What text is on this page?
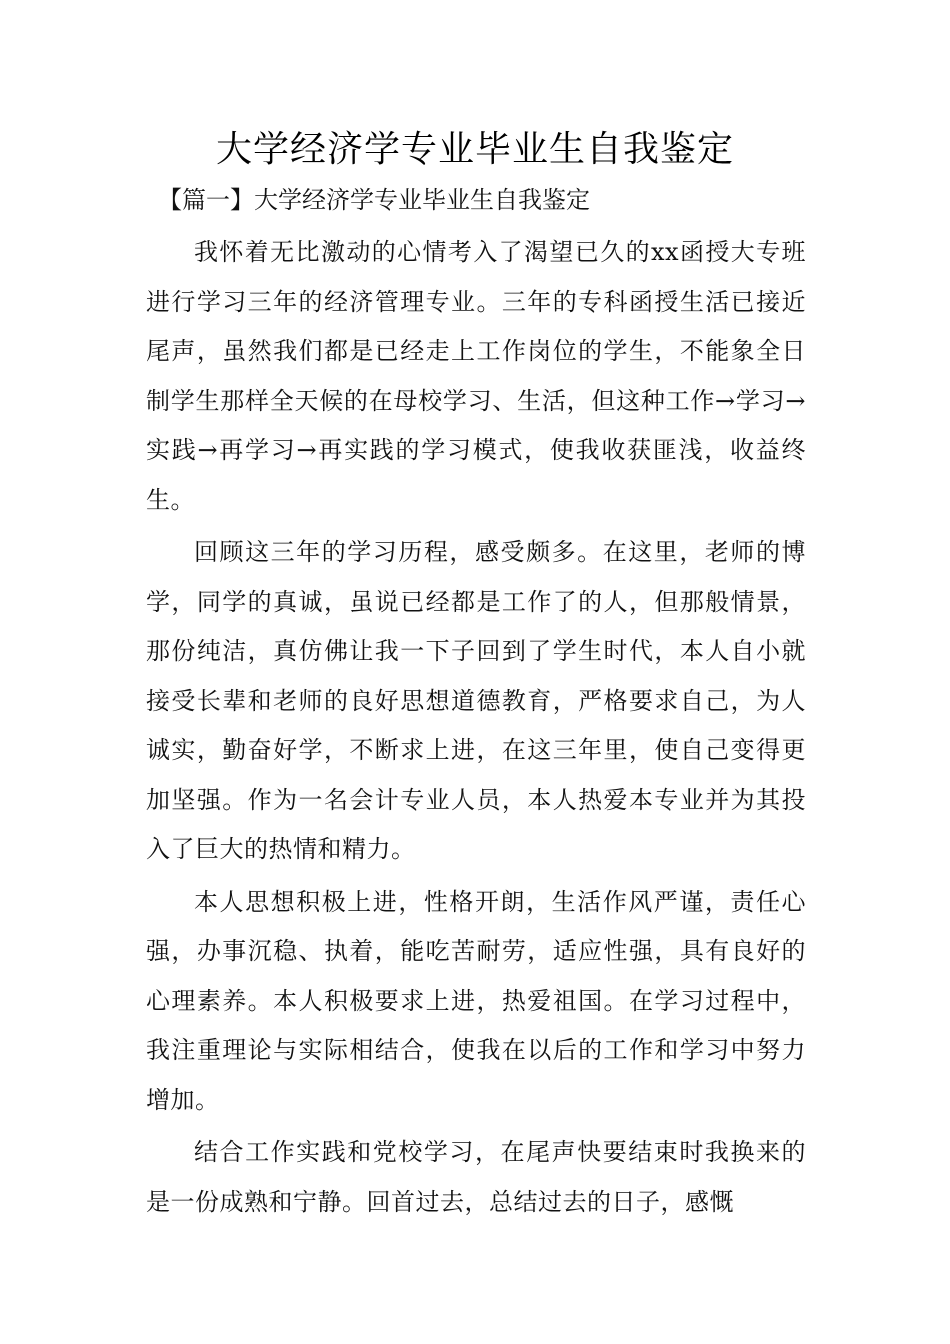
大学经济学专业毕业生自我鉴定

【篇一】大学经济学专业毕业生自我鉴定

我怀着无比激动的心情考入了渴望已久的xx函授大专班进行学习三年的经济管理专业。三年的专科函授生活已接近尾声，虽然我们都是已经走上工作岗位的学生，不能象全日制学生那样全天候的在母校学习、生活，但这种工作→学习→实践→再学习→再实践的学习模式，使我收获匪浅，收益终生。

回顾这三年的学习历程，感受颇多。在这里，老师的博学，同学的真诚，虽说已经都是工作了的人，但那般情景，那份纯洁，真仿佛让我一下子回到了学生时代，本人自小就接受长辈和老师的良好思想道德教育，严格要求自己，为人诚实，勤奋好学，不断求上进，在这三年里，使自己变得更加坚强。作为一名会计专业人员，本人热爱本专业并为其投入了巨大的热情和精力。

本人思想积极上进，性格开朗，生活作风严谨，责任心强，办事沉稳、执着，能吃苦耐劳，适应性强，具有良好的心理素养。本人积极要求上进，热爱祖国。在学习过程中，我注重理论与实际相结合，使我在以后的工作和学习中努力增加。

结合工作实践和党校学习，在尾声快要结束时我换来的是一份成熟和宁静。回首过去，总结过去的日子，感慨
